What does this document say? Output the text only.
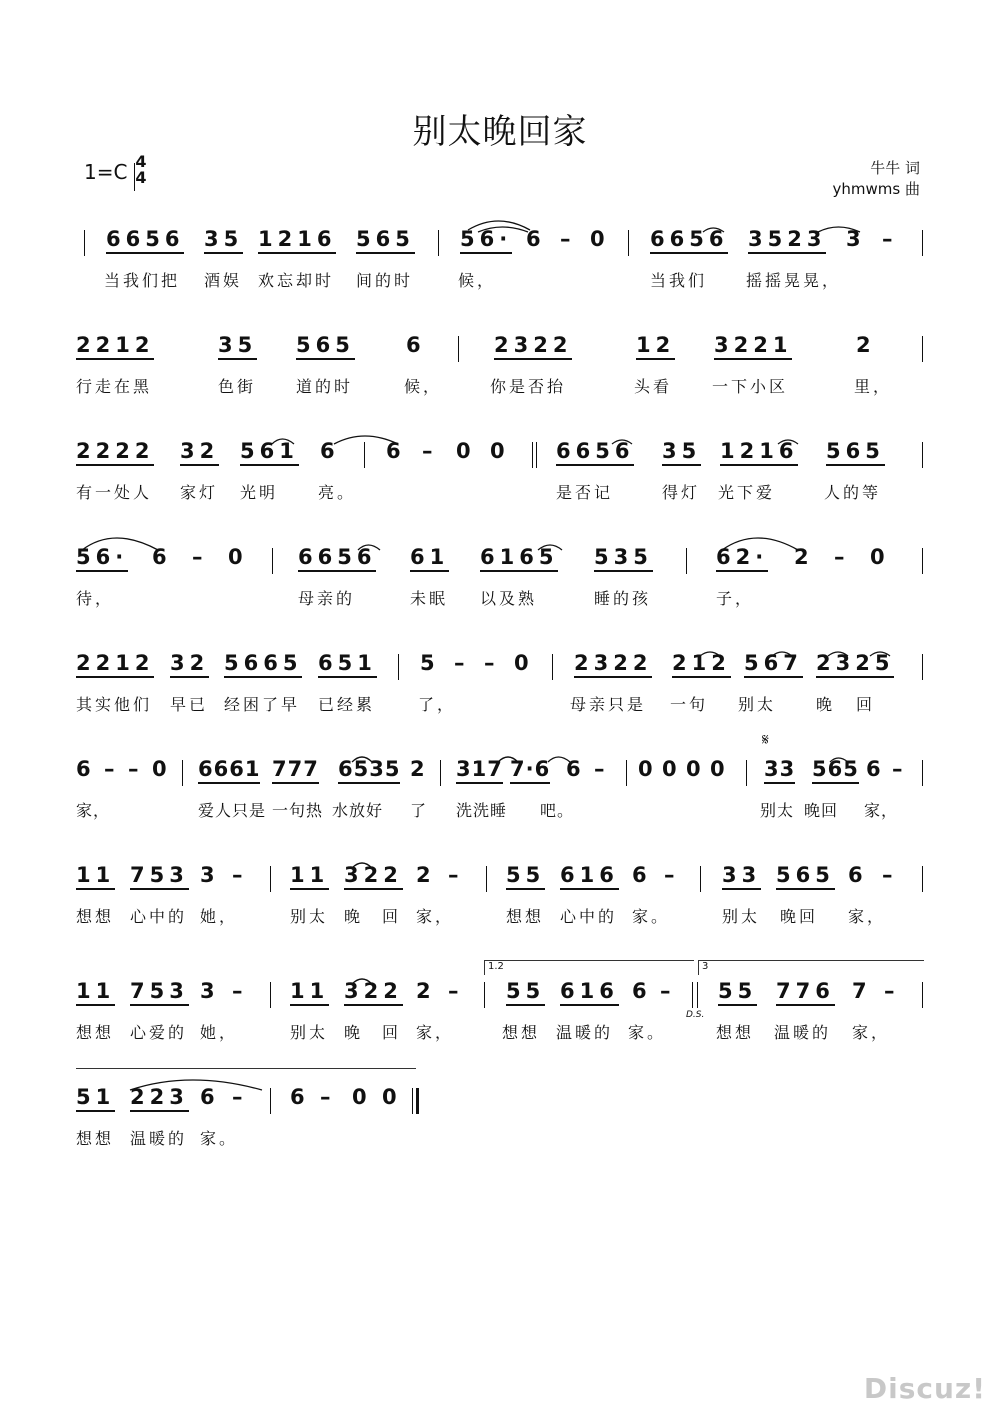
别太晚回家
1=C 4
4	牛牛 词
yhmwms 曲
6656 35 1216 565 56· 6 – 0 6656 3523 3 –
当我们把 酒娱 欢忘却时 间的时	候，	当我们 摇摇晃晃，
2212	35 565 6	2322	12 3221	2
行走在黑	色街 道的时	候，	你是否抬	头看 一下小区	里，
2222 32 561 6 6 – 0 0 6656 35 1216 565
有一处人 家灯 光明 亮。	是否记	得灯 光下爱	人的等
56· 6 – 0 6656 61 6165 535	62· 2 – 0
待，	母亲的	未眠 以及熟	睡的孩	子，
2212 32 5665 651 5 – – 0 2322 212 567 2325
其实他们 早已 经困了早 已经累	了，	母亲只是 一句 别太 晚 回
𝄋
6 – – 0 6661 777 6535 2 317 7·6 6 – 0 0 0 0 33 565 6 –
家，	爱人只是 一句热 水放好 了 洗洗睡 吧。	别太 晚回 家，
11 753 3 – 11 322 2 – 55 616 6 – 33 565 6 –
想想 心中的 她，	别太 晚 回 家，	想想 心中的 家。	别太 晚回 家，
1.2	3
D.S.
11 753 3 – 11 322 2 – 55 616 6 – 55 776 7 –
想想 心爱的 她，	别太 晚 回 家，	想想 温暖的 家。	想想 温暖的 家，
51 223 6 – 6 – 0 0
想想 温暖的 家。
Discuz!
